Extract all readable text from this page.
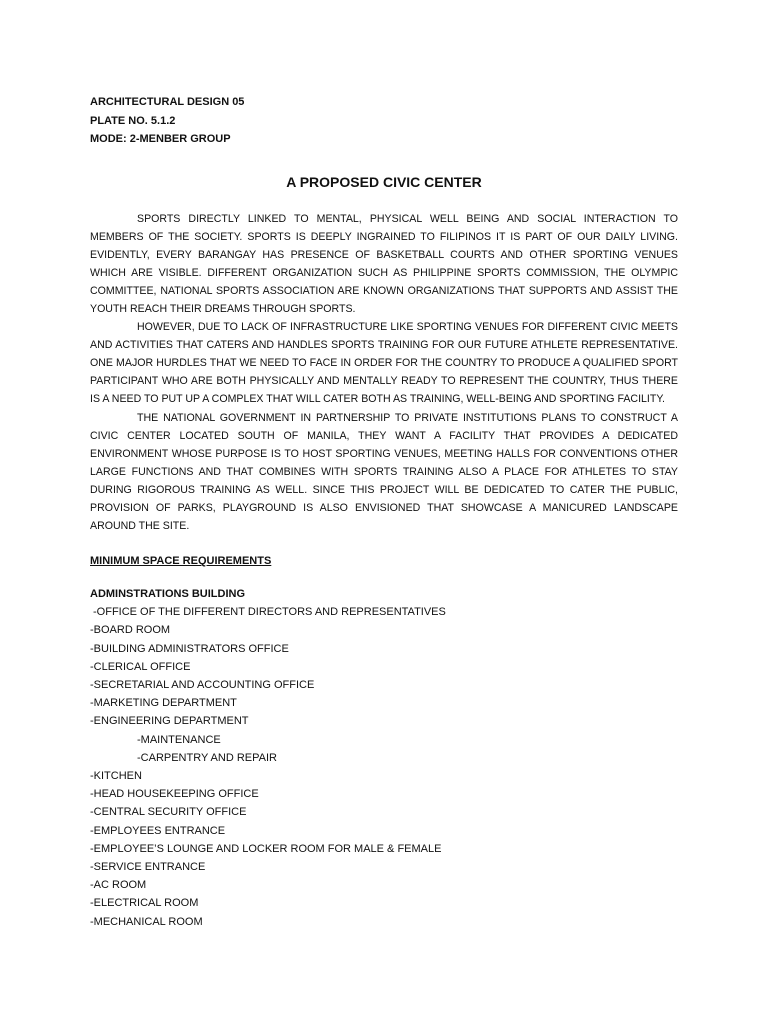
ARCHITECTURAL DESIGN 05
PLATE NO. 5.1.2
MODE: 2-MENBER GROUP
A PROPOSED CIVIC CENTER

SPORTS DIRECTLY LINKED TO MENTAL, PHYSICAL WELL BEING AND SOCIAL INTERACTION TO MEMBERS OF THE SOCIETY. SPORTS IS DEEPLY INGRAINED TO FILIPINOS IT IS PART OF OUR DAILY LIVING. EVIDENTLY, EVERY BARANGAY HAS PRESENCE OF BASKETBALL COURTS AND OTHER SPORTING VENUES WHICH ARE VISIBLE. DIFFERENT ORGANIZATION SUCH AS PHILIPPINE SPORTS COMMISSION, THE OLYMPIC COMMITTEE, NATIONAL SPORTS ASSOCIATION ARE KNOWN ORGANIZATIONS THAT SUPPORTS AND ASSIST THE YOUTH REACH THEIR DREAMS THROUGH SPORTS.

HOWEVER, DUE TO LACK OF INFRASTRUCTURE LIKE SPORTING VENUES FOR DIFFERENT CIVIC MEETS AND ACTIVITIES THAT CATERS AND HANDLES SPORTS TRAINING FOR OUR FUTURE ATHLETE REPRESENTATIVE. ONE MAJOR HURDLES THAT WE NEED TO FACE IN ORDER FOR THE COUNTRY TO PRODUCE A QUALIFIED SPORT PARTICIPANT WHO ARE BOTH PHYSICALLY AND MENTALLY READY TO REPRESENT THE COUNTRY, THUS THERE IS A NEED TO PUT UP A COMPLEX THAT WILL CATER BOTH AS TRAINING, WELL-BEING AND SPORTING FACILITY.

THE NATIONAL GOVERNMENT IN PARTNERSHIP TO PRIVATE INSTITUTIONS PLANS TO CONSTRUCT A CIVIC CENTER LOCATED SOUTH OF MANILA, THEY WANT A FACILITY THAT PROVIDES A DEDICATED ENVIRONMENT WHOSE PURPOSE IS TO HOST SPORTING VENUES, MEETING HALLS FOR CONVENTIONS OTHER LARGE FUNCTIONS AND THAT COMBINES WITH SPORTS TRAINING ALSO A PLACE FOR ATHLETES TO STAY DURING RIGOROUS TRAINING AS WELL. SINCE THIS PROJECT WILL BE DEDICATED TO CATER THE PUBLIC, PROVISION OF PARKS, PLAYGROUND IS ALSO ENVISIONED THAT SHOWCASE A MANICURED LANDSCAPE AROUND THE SITE.

MINIMUM SPACE REQUIREMENTS
ADMINSTRATIONS BUILDING
-OFFICE OF THE DIFFERENT DIRECTORS AND REPRESENTATIVES
-BOARD ROOM
-BUILDING ADMINISTRATORS OFFICE
-CLERICAL OFFICE
-SECRETARIAL AND ACCOUNTING OFFICE
-MARKETING DEPARTMENT
-ENGINEERING DEPARTMENT
-MAINTENANCE
-CARPENTRY AND REPAIR
-KITCHEN
-HEAD HOUSEKEEPING OFFICE
-CENTRAL SECURITY OFFICE
-EMPLOYEES ENTRANCE
-EMPLOYEE’S LOUNGE AND LOCKER ROOM FOR MALE & FEMALE
-SERVICE ENTRANCE
-AC ROOM
-ELECTRICAL ROOM
-MECHANICAL ROOM
